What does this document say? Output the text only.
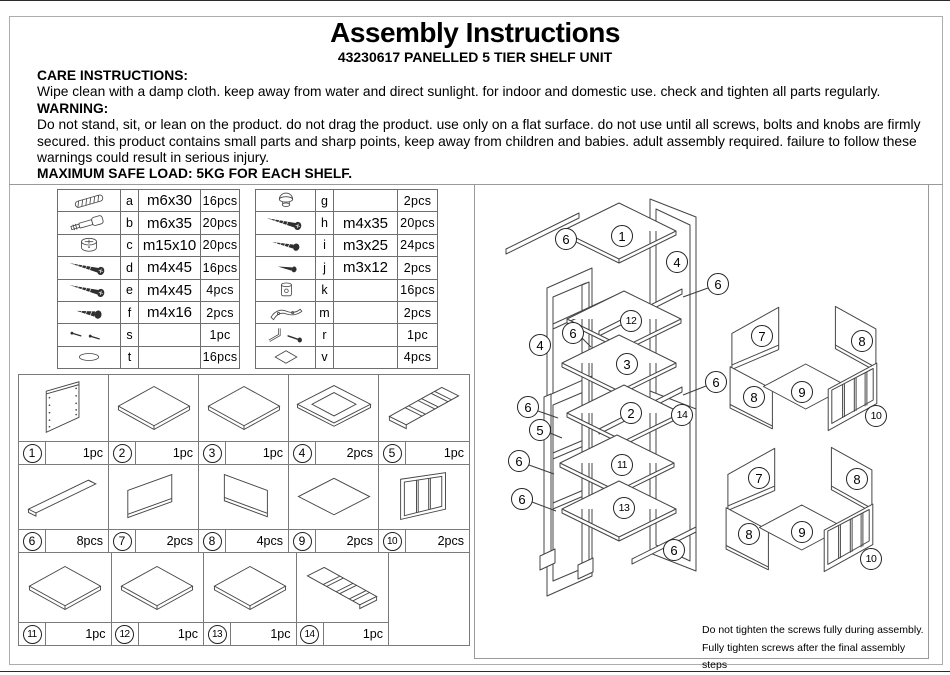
Assembly Instructions
43230617 PANELLED 5 TIER SHELF UNIT
CARE INSTRUCTIONS:
Wipe clean with a damp cloth. keep away from water and direct sunlight. for indoor and domestic use. check and tighten all parts regularly.
WARNING:
Do not stand, sit, or lean on the product. do not drag the product. use only on a flat surface. do not use until all screws, bolts and knobs are firmly secured. this product contains small parts and sharp points, keep away from children and babies. adult assembly required. failure to follow these warnings could result in serious injury.
MAXIMUM SAFE LOAD: 5KG FOR EACH SHELF.
	a	m6x30	16pcs

	b	m6x35	20pcs

	c	m15x10	20pcs

	d	m4x45	16pcs

	e	m4x45	4pcs

	f	m4x16	2pcs

	s		1pc

	t		16pcs
	g		2pcs

	h	m4x35	20pcs

	i	m3x25	24pcs

	j	m3x12	2pcs

	k		16pcs

	m		2pcs

	r		1pc

	v		4pcs
1	1pc	2	1pc	3	1pc	4	2pcs	5	1pc
6	8pcs	7	2pcs	8	4pcs	9	2pcs	10	2pcs
11	1pc	12	1pc	13	1pc	14	1pc
6	1
4
6
12
6
4
3
6
6	2	14
5
6	11
6
13
6
7	8
8	9
10
7	8
8	9
10
Do not tighten the screws fully during assembly.
Fully tighten screws after the final assembly steps
